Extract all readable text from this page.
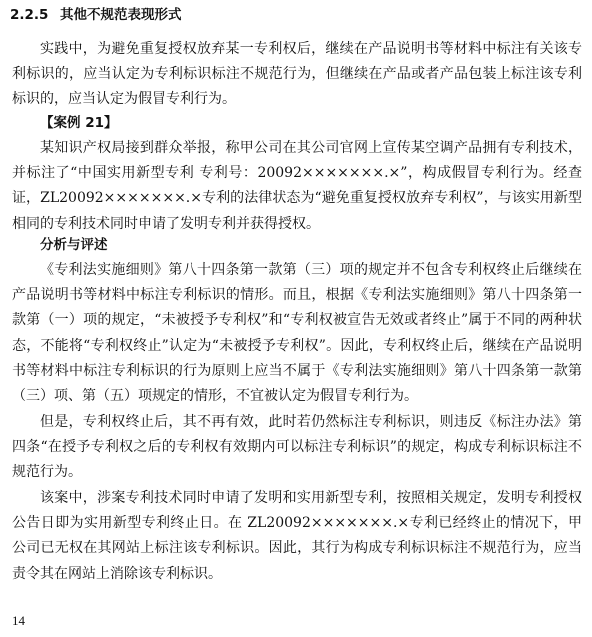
2.2.5 其他不规范表现形式

实践中，为避免重复授权放弃某一专利权后，继续在产品说明书等材料中标注有关该专利标识的，应当认定为专利标识标注不规范行为，但继续在产品或者产品包装上标注该专利标识的，应当认定为假冒专利行为。

【案例 21】

某知识产权局接到群众举报，称甲公司在其公司官网上宣传某空调产品拥有专利技术，并标注了“中国实用新型专利 专利号：20092×××××××.×”，构成假冒专利行为。经查证，ZL20092×××××××.×专利的法律状态为“避免重复授权放弃专利权”，与该实用新型相同的专利技术同时申请了发明专利并获得授权。

分析与评述

《专利法实施细则》第八十四条第一款第（三）项的规定并不包含专利权终止后继续在产品说明书等材料中标注专利标识的情形。而且，根据《专利法实施细则》第八十四条第一款第（一）项的规定，“未被授予专利权”和“专利权被宣告无效或者终止”属于不同的两种状态，不能将“专利权终止”认定为“未被授予专利权”。因此，专利权终止后，继续在产品说明书等材料中标注专利标识的行为原则上应当不属于《专利法实施细则》第八十四条第一款第（三）项、第（五）项规定的情形，不宜被认定为假冒专利行为。

但是，专利权终止后，其不再有效，此时若仍然标注专利标识，则违反《标注办法》第四条“在授予专利权之后的专利权有效期内可以标注专利标识”的规定，构成专利标识标注不规范行为。

该案中，涉案专利技术同时申请了发明和实用新型专利，按照相关规定，发明专利授权公告日即为实用新型专利终止日。在 ZL20092×××××××.×专利已经终止的情况下，甲公司已无权在其网站上标注该专利标识。因此，其行为构成专利标识标注不规范行为，应当责令其在网站上消除该专利标识。

14
